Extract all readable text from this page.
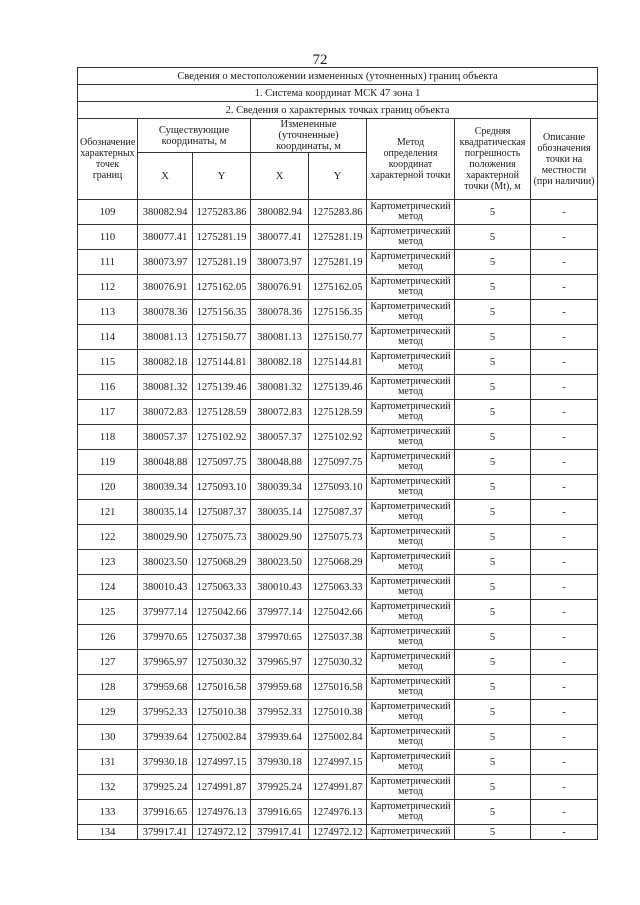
72
Сведения о местоположении измененных (уточненных) границ объекта							
1. Система координат МСК 47 зона 1							
2. Сведения о характерных точках границ объекта							
Обозначение характерных точек границ	Существующие координаты, м		Измененные (уточненные) координаты, м		Метод определения координат характерной точки	Средняя квадратическая погрешность положения характерной точки (Mt), м	Описание обозначения точки на местности (при наличии)
	X	Y	X	Y			
109	380082.94	1275283.86	380082.94	1275283.86	Картометрический метод	5	-
110	380077.41	1275281.19	380077.41	1275281.19	Картометрический метод	5	-
111	380073.97	1275281.19	380073.97	1275281.19	Картометрический метод	5	-
112	380076.91	1275162.05	380076.91	1275162.05	Картометрический метод	5	-
113	380078.36	1275156.35	380078.36	1275156.35	Картометрический метод	5	-
114	380081.13	1275150.77	380081.13	1275150.77	Картометрический метод	5	-
115	380082.18	1275144.81	380082.18	1275144.81	Картометрический метод	5	-
116	380081.32	1275139.46	380081.32	1275139.46	Картометрический метод	5	-
117	380072.83	1275128.59	380072.83	1275128.59	Картометрический метод	5	-
118	380057.37	1275102.92	380057.37	1275102.92	Картометрический метод	5	-
119	380048.88	1275097.75	380048.88	1275097.75	Картометрический метод	5	-
120	380039.34	1275093.10	380039.34	1275093.10	Картометрический метод	5	-
121	380035.14	1275087.37	380035.14	1275087.37	Картометрический метод	5	-
122	380029.90	1275075.73	380029.90	1275075.73	Картометрический метод	5	-
123	380023.50	1275068.29	380023.50	1275068.29	Картометрический метод	5	-
124	380010.43	1275063.33	380010.43	1275063.33	Картометрический метод	5	-
125	379977.14	1275042.66	379977.14	1275042.66	Картометрический метод	5	-
126	379970.65	1275037.38	379970.65	1275037.38	Картометрический метод	5	-
127	379965.97	1275030.32	379965.97	1275030.32	Картометрический метод	5	-
128	379959.68	1275016.58	379959.68	1275016.58	Картометрический метод	5	-
129	379952.33	1275010.38	379952.33	1275010.38	Картометрический метод	5	-
130	379939.64	1275002.84	379939.64	1275002.84	Картометрический метод	5	-
131	379930.18	1274997.15	379930.18	1274997.15	Картометрический метод	5	-
132	379925.24	1274991.87	379925.24	1274991.87	Картометрический метод	5	-
133	379916.65	1274976.13	379916.65	1274976.13	Картометрический метод	5	-
134	379917.41	1274972.12	379917.41	1274972.12	Картометрический	5	-
